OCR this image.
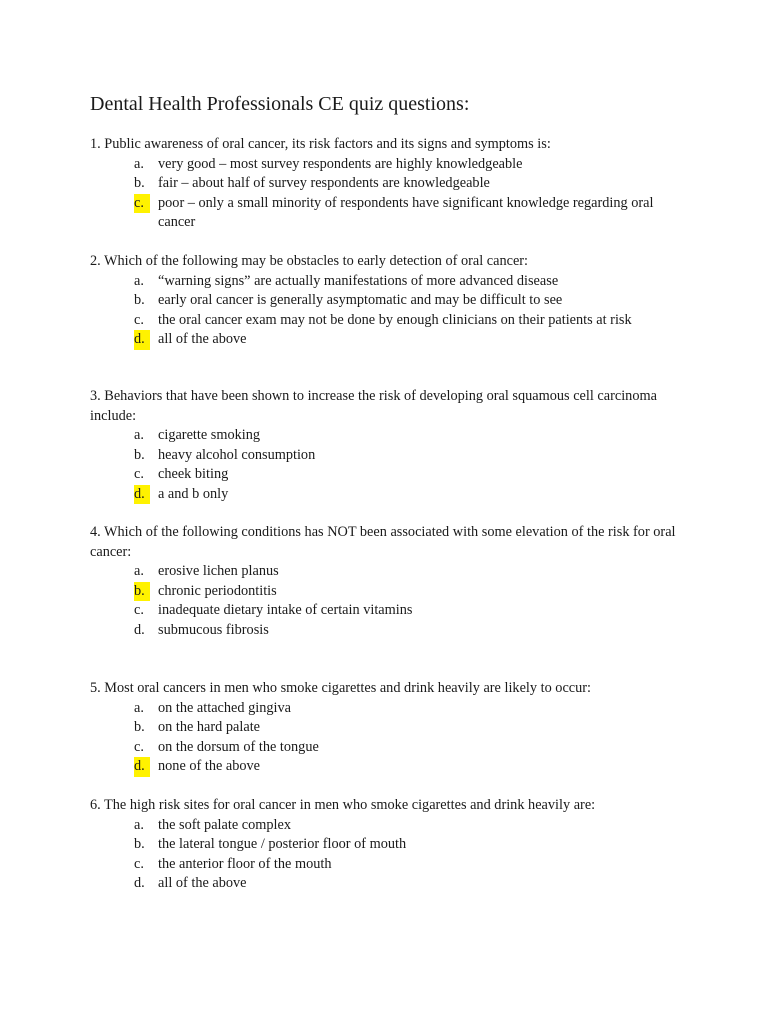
Dental Health Professionals CE quiz questions:
1. Public awareness of oral cancer, its risk factors and its signs and symptoms is:
a. very good – most survey respondents are highly knowledgeable
b. fair – about half of survey respondents are knowledgeable
c. poor – only a small minority of respondents have significant knowledge regarding oral cancer
2. Which of the following may be obstacles to early detection of oral cancer:
a. “warning signs” are actually manifestations of more advanced disease
b. early oral cancer is generally asymptomatic and may be difficult to see
c. the oral cancer exam may not be done by enough clinicians on their patients at risk
d. all of the above
3. Behaviors that have been shown to increase the risk of developing oral squamous cell carcinoma include:
a. cigarette smoking
b. heavy alcohol consumption
c. cheek biting
d. a and b only
4. Which of the following conditions has NOT been associated with some elevation of the risk for oral cancer:
a. erosive lichen planus
b. chronic periodontitis
c. inadequate dietary intake of certain vitamins
d. submucous fibrosis
5. Most oral cancers in men who smoke cigarettes and drink heavily are likely to occur:
a. on the attached gingiva
b. on the hard palate
c. on the dorsum of the tongue
d. none of the above
6. The high risk sites for oral cancer in men who smoke cigarettes and drink heavily are:
a. the soft palate complex
b. the lateral tongue / posterior floor of mouth
c. the anterior floor of the mouth
d. all of the above
